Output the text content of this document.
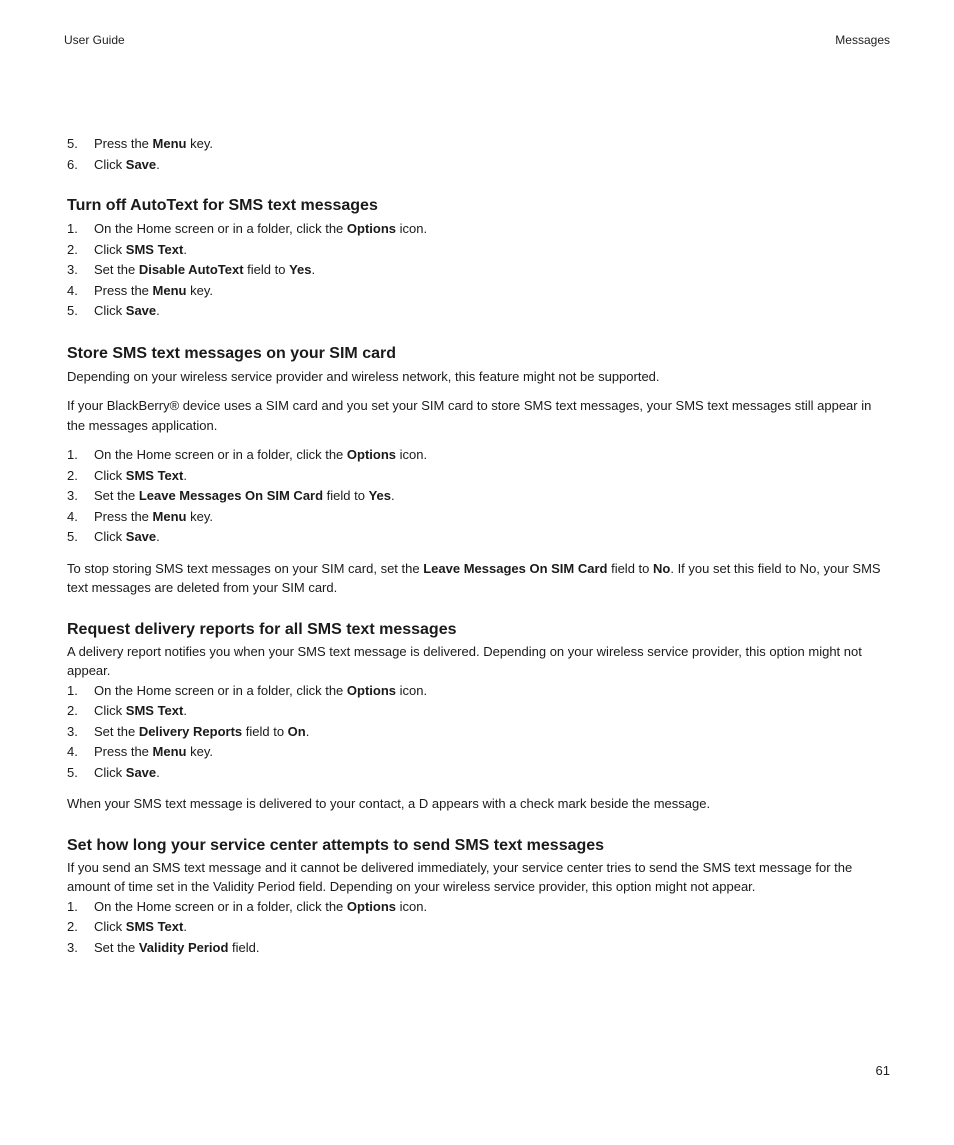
User Guide	Messages
5.	Press the Menu key.
6.	Click Save.
Turn off AutoText for SMS text messages
1.	On the Home screen or in a folder, click the Options icon.
2.	Click SMS Text.
3.	Set the Disable AutoText field to Yes.
4.	Press the Menu key.
5.	Click Save.
Store SMS text messages on your SIM card

Depending on your wireless service provider and wireless network, this feature might not be supported.

If your BlackBerry® device uses a SIM card and you set your SIM card to store SMS text messages, your SMS text messages still appear in the messages application.

1.	On the Home screen or in a folder, click the Options icon.
2.	Click SMS Text.
3.	Set the Leave Messages On SIM Card field to Yes.
4.	Press the Menu key.
5.	Click Save.

To stop storing SMS text messages on your SIM card, set the Leave Messages On SIM Card field to No. If you set this field to No, your SMS text messages are deleted from your SIM card.

Request delivery reports for all SMS text messages

A delivery report notifies you when your SMS text message is delivered. Depending on your wireless service provider, this option might not appear.

1.	On the Home screen or in a folder, click the Options icon.
2.	Click SMS Text.
3.	Set the Delivery Reports field to On.
4.	Press the Menu key.
5.	Click Save.

When your SMS text message is delivered to your contact, a D appears with a check mark beside the message.

Set how long your service center attempts to send SMS text messages

If you send an SMS text message and it cannot be delivered immediately, your service center tries to send the SMS text message for the amount of time set in the Validity Period field. Depending on your wireless service provider, this option might not appear.

1.	On the Home screen or in a folder, click the Options icon.
2.	Click SMS Text.
3.	Set the Validity Period field.
61
